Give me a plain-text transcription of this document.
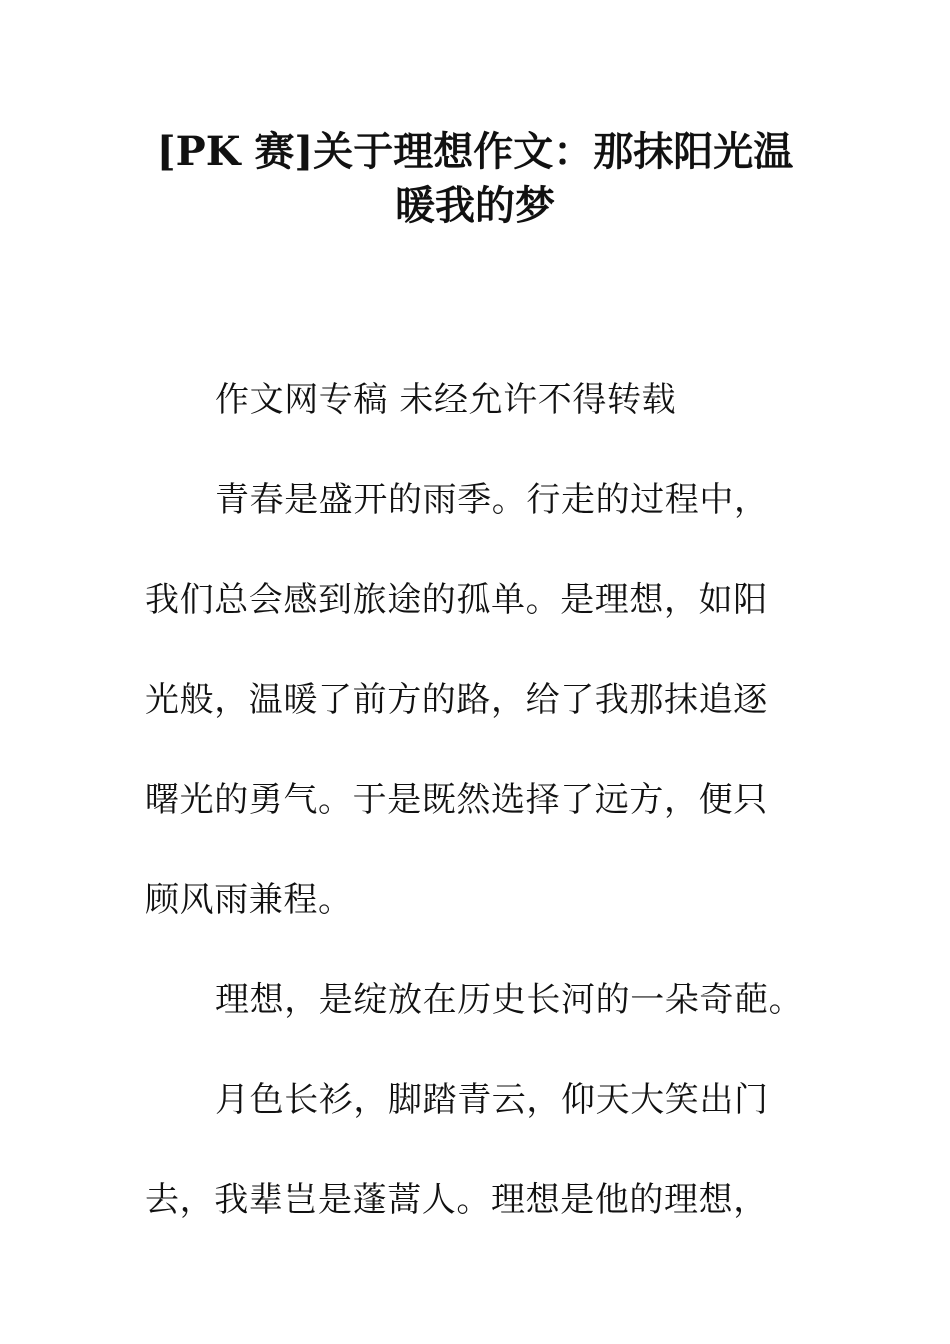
[PK 赛]关于理想作文：那抹阳光温
暖我的梦
作文网专稿 未经允许不得转载
青春是盛开的雨季。行走的过程中，
我们总会感到旅途的孤单。是理想，如阳
光般，温暖了前方的路，给了我那抹追逐
曙光的勇气。于是既然选择了远方，便只
顾风雨兼程。
理想，是绽放在历史长河的一朵奇葩。
月色长衫，脚踏青云，仰天大笑出门
去，我辈岂是蓬蒿人。理想是他的理想，
